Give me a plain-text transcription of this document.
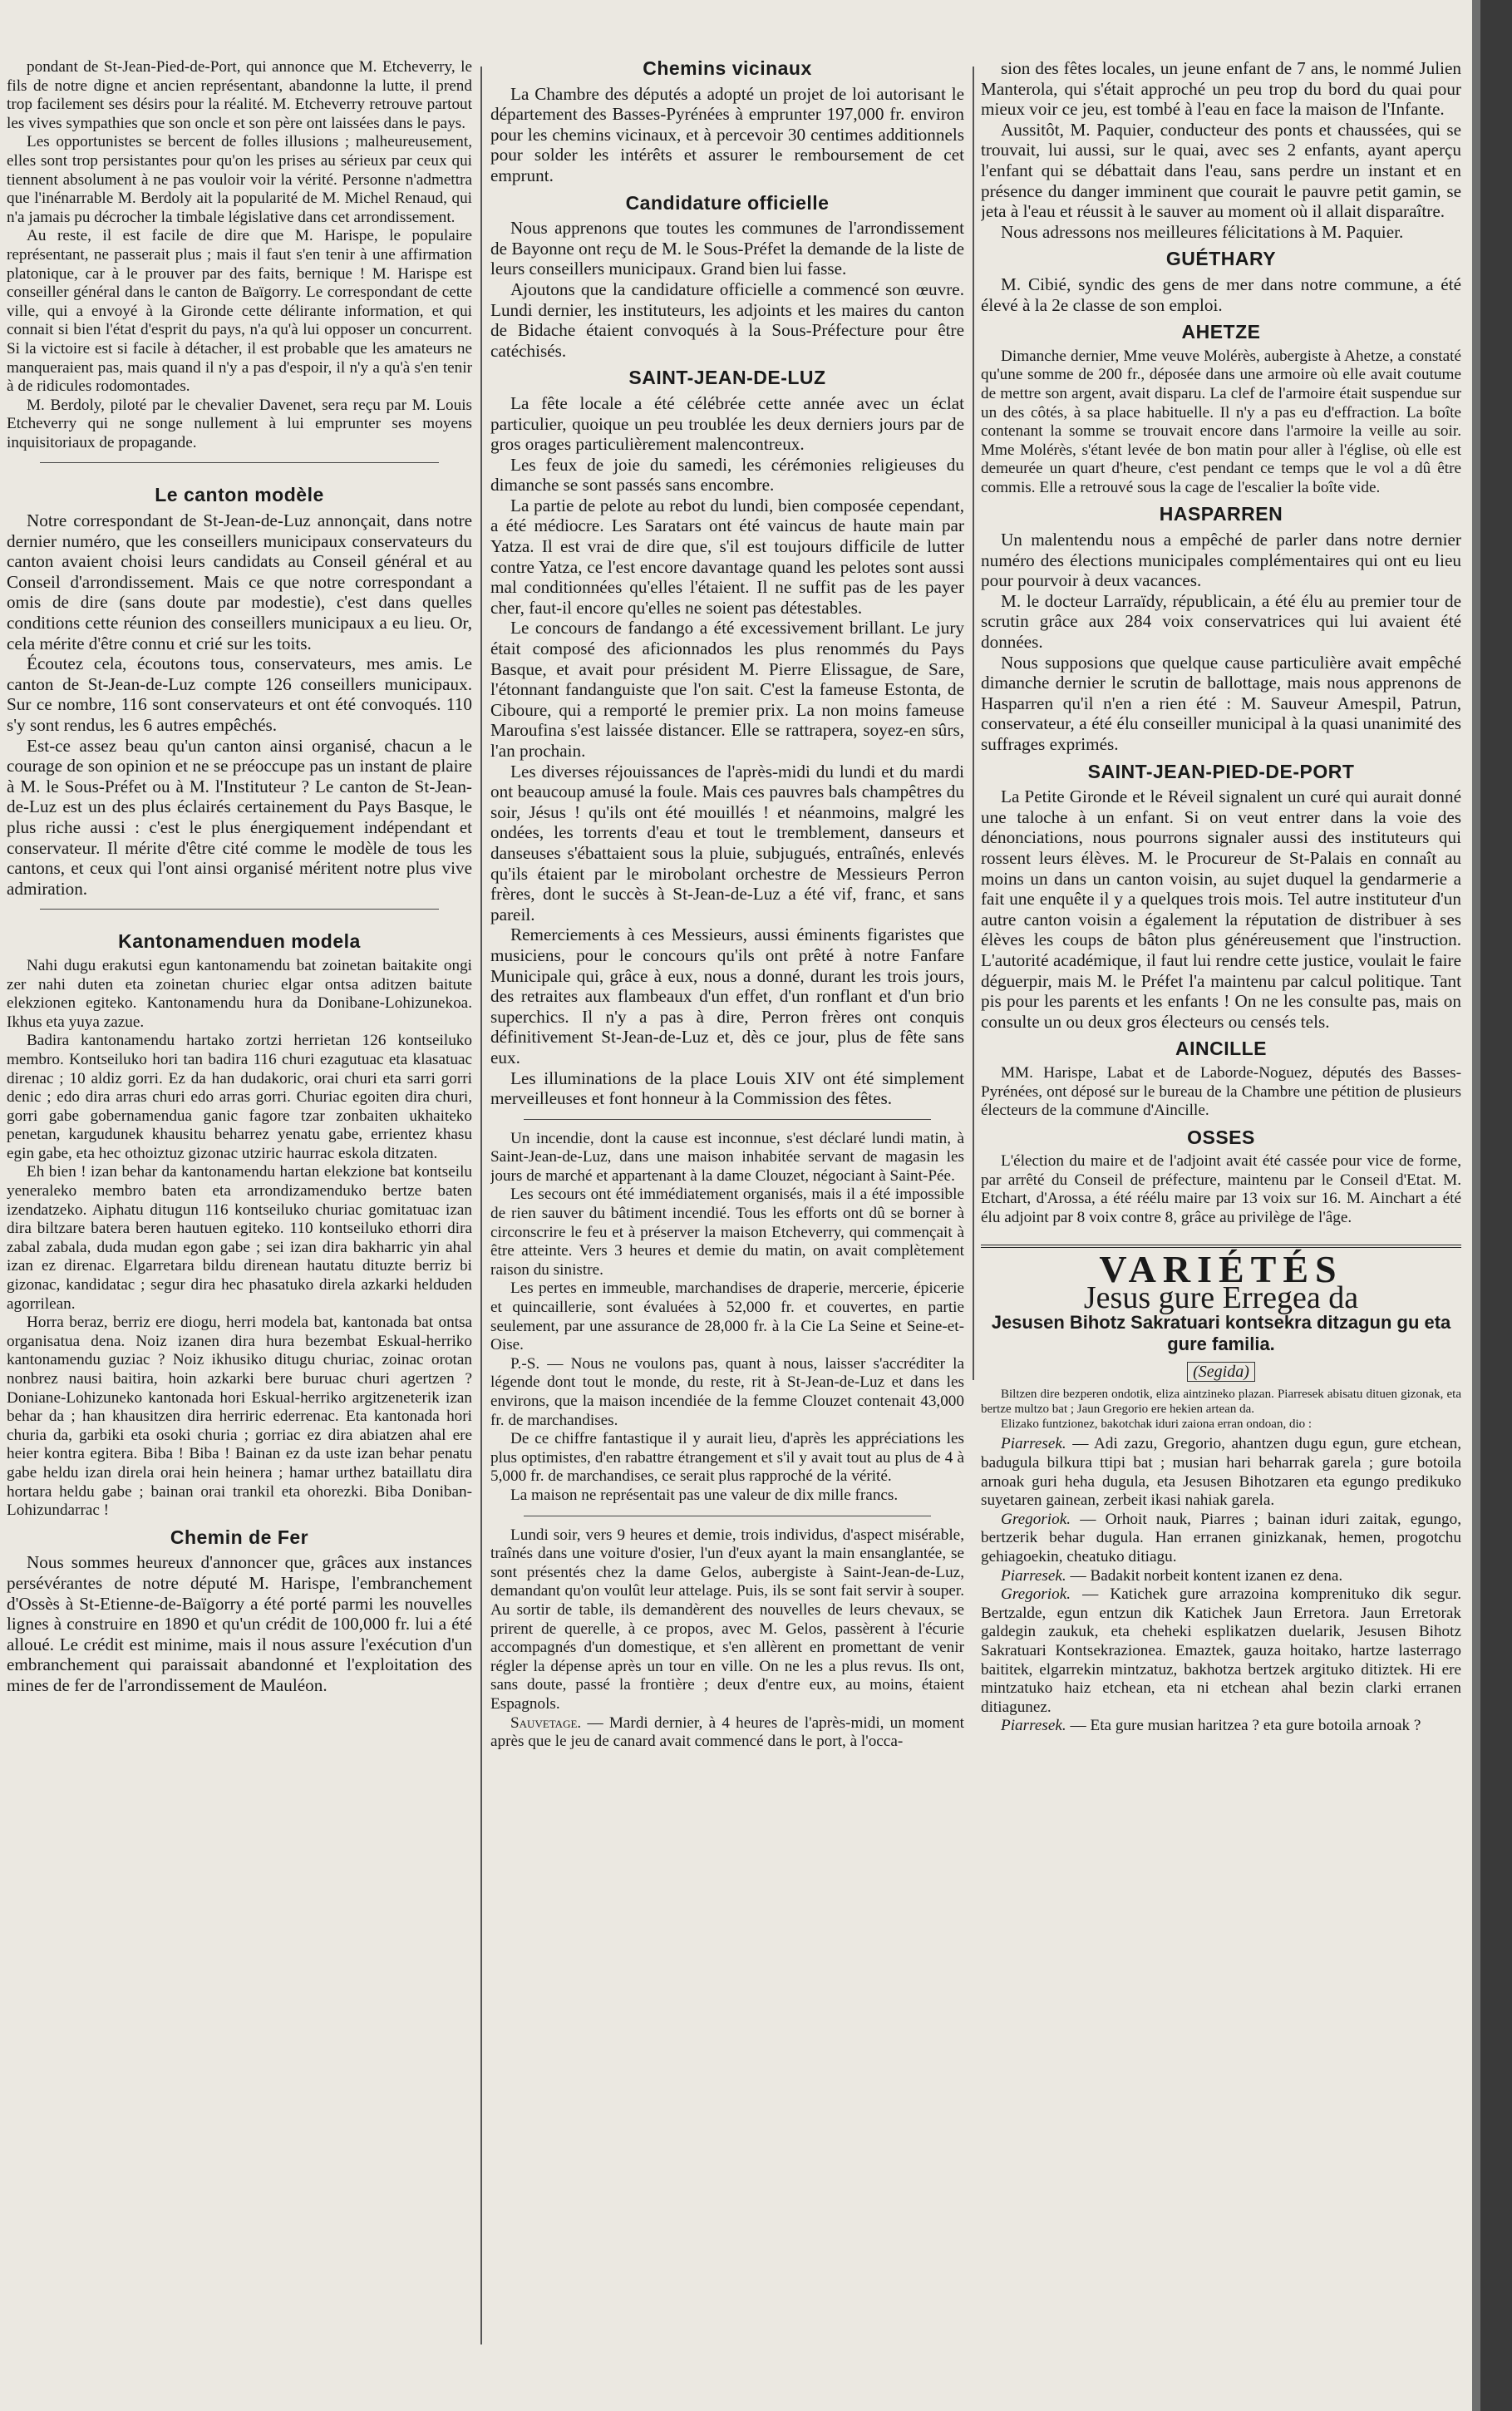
pondant de St-Jean-Pied-de-Port, qui annonce que M. Etcheverry, le fils de notre digne et ancien représentant, abandonne la lutte, il prend trop facilement ses désirs pour la réalité. M. Etcheverry retrouve partout les vives sympathies que son oncle et son père ont laissées dans le pays.

Les opportunistes se bercent de folles illusions ; malheureusement, elles sont trop persistantes pour qu'on les prises au sérieux par ceux qui tiennent absolument à ne pas vouloir voir la vérité. Personne n'admettra que l'inénarrable M. Berdoly ait la popularité de M. Michel Renaud, qui n'a jamais pu décrocher la timbale législative dans cet arrondissement.

Au reste, il est facile de dire que M. Harispe, le populaire représentant, ne passerait plus ; mais il faut s'en tenir à une affirmation platonique, car à le prouver par des faits, bernique ! M. Harispe est conseiller général dans le canton de Baïgorry. Le correspondant de cette ville, qui a envoyé à la Gironde cette délirante information, et qui connait si bien l'état d'esprit du pays, n'a qu'à lui opposer un concurrent. Si la victoire est si facile à détacher, il est probable que les amateurs ne manqueraient pas, mais quand il n'y a pas d'espoir, il n'y a qu'à s'en tenir à de ridicules rodomontades.

M. Berdoly, piloté par le chevalier Davenet, sera reçu par M. Louis Etcheverry qui ne songe nullement à lui emprunter ses moyens inquisitoriaux de propagande.

Le canton modèle

Notre correspondant de St-Jean-de-Luz annonçait, dans notre dernier numéro, que les conseillers municipaux conservateurs du canton avaient choisi leurs candidats au Conseil général et au Conseil d'arrondissement. Mais ce que notre correspondant a omis de dire (sans doute par modestie), c'est dans quelles conditions cette réunion des conseillers municipaux a eu lieu. Or, cela mérite d'être connu et crié sur les toits.

Écoutez cela, écoutons tous, conservateurs, mes amis. Le canton de St-Jean-de-Luz compte 126 conseillers municipaux. Sur ce nombre, 116 sont conservateurs et ont été convoqués. 110 s'y sont rendus, les 6 autres empêchés.

Est-ce assez beau qu'un canton ainsi organisé, chacun a le courage de son opinion et ne se préoccupe pas un instant de plaire à M. le Sous-Préfet ou à M. l'Instituteur ? Le canton de St-Jean-de-Luz est un des plus éclairés certainement du Pays Basque, le plus riche aussi : c'est le plus énergiquement indépendant et conservateur. Il mérite d'être cité comme le modèle de tous les cantons, et ceux qui l'ont ainsi organisé méritent notre plus vive admiration.

Kantonamenduen modela

Nahi dugu erakutsi egun kantonamendu bat zoinetan baitakite ongi zer nahi duten eta zoinetan churiec elgar ontsa aditzen baitute elekzionen egiteko. Kantonamendu hura da Donibane-Lohizunekoa. Ikhus eta yuya zazue.

Badira kantonamendu hartako zortzi herrietan 126 kontseiluko membro. Kontseiluko hori tan badira 116 churi ezagutuac eta klasatuac direnac ; 10 aldiz gorri. Ez da han dudakoric, orai churi eta sarri gorri denic ; edo dira arras churi edo arras gorri. Churiac egoiten dira churi, gorri gabe gobernamendua ganic fagore tzar zonbaiten ukhaiteko penetan, kargudunek khausitu beharrez yenatu gabe, errientez khasu egin gabe, eta hec othoiztuz gizonac utziric haurrac eskola ditzaten.

Eh bien ! izan behar da kantonamendu hartan elekzione bat kontseilu yeneraleko membro baten eta arrondizamenduko bertze baten izendatzeko. Aiphatu ditugun 116 kontseiluko churiac gomitatuac izan dira biltzare batera beren hautuen egiteko. 110 kontseiluko ethorri dira zabal zabala, duda mudan egon gabe ; sei izan dira bakharric yin ahal izan ez direnac. Elgarretara bildu direnean hautatu dituzte berriz bi gizonac, kandidatac ; segur dira hec phasatuko direla azkarki helduden agorrilean.

Horra beraz, berriz ere diogu, herri modela bat, kantonada bat ontsa organisatua dena. Noiz izanen dira hura bezembat Eskual-herriko kantonamendu guziac ? Noiz ikhusiko ditugu churiac, zoinac orotan nonbrez nausi baitira, hoin azkarki bere buruac churi agertzen ? Doniane-Lohizuneko kantonada hori Eskual-herriko argitzeneterik izan behar da ; han khausitzen dira herriric ederrenac. Eta kantonada hori churia da, garbiki eta osoki churia ; gorriac ez dira abiatzen ahal ere heier kontra egitera. Biba ! Biba ! Bainan ez da uste izan behar penatu gabe heldu izan direla orai hein heinera ; hamar urthez bataillatu dira hortara heldu gabe ; bainan orai trankil eta ohorezki. Biba Doniban-Lohizundarrac !

Chemin de Fer

Nous sommes heureux d'annoncer que, grâces aux instances persévérantes de notre député M. Harispe, l'embranchement d'Ossès à St-Etienne-de-Baïgorry a été porté parmi les nouvelles lignes à construire en 1890 et qu'un crédit de 100,000 fr. lui a été alloué. Le crédit est minime, mais il nous assure l'exécution d'un embranchement qui paraissait abandonné et l'exploitation des mines de fer de l'arrondissement de Mauléon.

Chemins vicinaux

La Chambre des députés a adopté un projet de loi autorisant le département des Basses-Pyrénées à emprunter 197,000 fr. environ pour les chemins vicinaux, et à percevoir 30 centimes additionnels pour solder les intérêts et assurer le remboursement de cet emprunt.

Candidature officielle

Nous apprenons que toutes les communes de l'arrondissement de Bayonne ont reçu de M. le Sous-Préfet la demande de la liste de leurs conseillers municipaux. Grand bien lui fasse.

Ajoutons que la candidature officielle a commencé son œuvre. Lundi dernier, les instituteurs, les adjoints et les maires du canton de Bidache étaient convoqués à la Sous-Préfecture pour être catéchisés.

SAINT-JEAN-DE-LUZ

La fête locale a été célébrée cette année avec un éclat particulier, quoique un peu troublée les deux derniers jours par de gros orages particulièrement malencontreux.

Les feux de joie du samedi, les cérémonies religieuses du dimanche se sont passés sans encombre.

La partie de pelote au rebot du lundi, bien composée cependant, a été médiocre. Les Saratars ont été vaincus de haute main par Yatza. Il est vrai de dire que, s'il est toujours difficile de lutter contre Yatza, ce l'est encore davantage quand les pelotes sont aussi mal conditionnées qu'elles l'étaient. Il ne suffit pas de les payer cher, faut-il encore qu'elles ne soient pas détestables.

Le concours de fandango a été excessivement brillant. Le jury était composé des aficionnados les plus renommés du Pays Basque, et avait pour président M. Pierre Elissague, de Sare, l'étonnant fandanguiste que l'on sait. C'est la fameuse Estonta, de Ciboure, qui a remporté le premier prix. La non moins fameuse Maroufina s'est laissée distancer. Elle se rattrapera, soyez-en sûrs, l'an prochain.

Les diverses réjouissances de l'après-midi du lundi et du mardi ont beaucoup amusé la foule. Mais ces pauvres bals champêtres du soir, Jésus ! qu'ils ont été mouillés ! et néanmoins, malgré les ondées, les torrents d'eau et tout le tremblement, danseurs et danseuses s'ébattaient sous la pluie, subjugués, entraînés, enlevés qu'ils étaient par le mirobolant orchestre de Messieurs Perron frères, dont le succès à St-Jean-de-Luz a été vif, franc, et sans pareil.

Remerciements à ces Messieurs, aussi éminents figaristes que musiciens, pour le concours qu'ils ont prêté à notre Fanfare Municipale qui, grâce à eux, nous a donné, durant les trois jours, des retraites aux flambeaux d'un effet, d'un ronflant et d'un brio superchics. Il n'y a pas à dire, Perron frères ont conquis définitivement St-Jean-de-Luz et, dès ce jour, plus de fête sans eux.

Les illuminations de la place Louis XIV ont été simplement merveilleuses et font honneur à la Commission des fêtes.

Un incendie, dont la cause est inconnue, s'est déclaré lundi matin, à Saint-Jean-de-Luz, dans une maison inhabitée servant de magasin les jours de marché et appartenant à la dame Clouzet, négociant à Saint-Pée.

Les secours ont été immédiatement organisés, mais il a été impossible de rien sauver du bâtiment incendié. Tous les efforts ont dû se borner à circonscrire le feu et à préserver la maison Etcheverry, qui commençait à être atteinte. Vers 3 heures et demie du matin, on avait complètement raison du sinistre.

Les pertes en immeuble, marchandises de draperie, mercerie, épicerie et quincaillerie, sont évaluées à 52,000 fr. et couvertes, en partie seulement, par une assurance de 28,000 fr. à la Cie La Seine et Seine-et-Oise.

P.-S. — Nous ne voulons pas, quant à nous, laisser s'accréditer la légende dont tout le monde, du reste, rit à St-Jean-de-Luz et dans les environs, que la maison incendiée de la femme Clouzet contenait 43,000 fr. de marchandises.

De ce chiffre fantastique il y aurait lieu, d'après les appréciations les plus optimistes, d'en rabattre étrangement et s'il y avait tout au plus de 4 à 5,000 fr. de marchandises, ce serait plus rapproché de la vérité.

La maison ne représentait pas une valeur de dix mille francs.

Lundi soir, vers 9 heures et demie, trois individus, d'aspect misérable, traînés dans une voiture d'osier, l'un d'eux ayant la main ensanglantée, se sont présentés chez la dame Gelos, aubergiste à Saint-Jean-de-Luz, demandant qu'on voulût leur attelage. Puis, ils se sont fait servir à souper. Au sortir de table, ils demandèrent des nouvelles de leurs chevaux, se prirent de querelle, à ce propos, avec M. Gelos, passèrent à l'écurie accompagnés d'un domestique, et s'en allèrent en promettant de venir régler la dépense après un tour en ville. On ne les a plus revus. Ils ont, sans doute, passé la frontière ; deux d'entre eux, au moins, étaient Espagnols.

Sauvetage. — Mardi dernier, à 4 heures de l'après-midi, un moment après que le jeu de canard avait commencé dans le port, à l'occa-

sion des fêtes locales, un jeune enfant de 7 ans, le nommé Julien Manterola, qui s'était approché un peu trop du bord du quai pour mieux voir ce jeu, est tombé à l'eau en face la maison de l'Infante.

Aussitôt, M. Paquier, conducteur des ponts et chaussées, qui se trouvait, lui aussi, sur le quai, avec ses 2 enfants, ayant aperçu l'enfant qui se débattait dans l'eau, sans perdre un instant et en présence du danger imminent que courait le pauvre petit gamin, se jeta à l'eau et réussit à le sauver au moment où il allait disparaître.

Nous adressons nos meilleures félicitations à M. Paquier.

GUÉTHARY

M. Cibié, syndic des gens de mer dans notre commune, a été élevé à la 2e classe de son emploi.

AHETZE

Dimanche dernier, Mme veuve Molérès, aubergiste à Ahetze, a constaté qu'une somme de 200 fr., déposée dans une armoire où elle avait coutume de mettre son argent, avait disparu. La clef de l'armoire était suspendue sur un des côtés, à sa place habituelle. Il n'y a pas eu d'effraction. La boîte contenant la somme se trouvait encore dans l'armoire la veille au soir. Mme Molérès, s'étant levée de bon matin pour aller à l'église, où elle est demeurée un quart d'heure, c'est pendant ce temps que le vol a dû être commis. Elle a retrouvé sous la cage de l'escalier la boîte vide.

HASPARREN

Un malentendu nous a empêché de parler dans notre dernier numéro des élections municipales complémentaires qui ont eu lieu pour pourvoir à deux vacances.

M. le docteur Larraïdy, républicain, a été élu au premier tour de scrutin grâce aux 284 voix conservatrices qui lui avaient été données.

Nous supposions que quelque cause particulière avait empêché dimanche dernier le scrutin de ballottage, mais nous apprenons de Hasparren qu'il n'en a rien été : M. Sauveur Amespil, Patrun, conservateur, a été élu conseiller municipal à la quasi unanimité des suffrages exprimés.

SAINT-JEAN-PIED-DE-PORT

La Petite Gironde et le Réveil signalent un curé qui aurait donné une taloche à un enfant. Si on veut entrer dans la voie des dénonciations, nous pourrons signaler aussi des instituteurs qui rossent leurs élèves. M. le Procureur de St-Palais en connaît au moins un dans un canton voisin, au sujet duquel la gendarmerie a fait une enquête il y a quelques trois mois. Tel autre instituteur d'un autre canton voisin a également la réputation de distribuer à ses élèves les coups de bâton plus généreusement que l'instruction. L'autorité académique, il faut lui rendre cette justice, voulait le faire déguerpir, mais M. le Préfet l'a maintenu par calcul politique. Tant pis pour les parents et les enfants ! On ne les consulte pas, mais on consulte un ou deux gros électeurs ou censés tels.

AINCILLE

MM. Harispe, Labat et de Laborde-Noguez, députés des Basses-Pyrénées, ont déposé sur le bureau de la Chambre une pétition de plusieurs électeurs de la commune d'Aincille.

OSSES

L'élection du maire et de l'adjoint avait été cassée pour vice de forme, par arrêté du Conseil de préfecture, maintenu par le Conseil d'Etat. M. Etchart, d'Arossa, a été réélu maire par 13 voix sur 16. M. Ainchart a été élu adjoint par 8 voix contre 8, grâce au privilège de l'âge.

VARIÉTÉS
Jesus gure Erregea da
Jesusen Bihotz Sakratuari kontsekra ditzagun gu eta gure familia.
(Segida)

Biltzen dire bezperen ondotik, eliza aintzineko plazan. Piarresek abisatu dituen gizonak, eta bertze multzo bat ; Jaun Gregorio ere hekien artean da.

Elizako funtzionez, bakotchak iduri zaiona erran ondoan, dio :

Piarresek. — Adi zazu, Gregorio, ahantzen dugu egun, gure etchean, badugula bilkura ttipi bat ; musian hari beharrak garela ; gure botoila arnoak guri heha dugula, eta Jesusen Bihotzaren eta egungo predikuko suyetaren gainean, zerbeit ikasi nahiak garela.

Gregoriok. — Orhoit nauk, Piarres ; bainan iduri zaitak, egungo, bertzerik behar dugula. Han erranen ginizkanak, hemen, progotchu gehiagoekin, cheatuko ditiagu.

Piarresek. — Badakit norbeit kontent izanen ez dena.

Gregoriok. — Katichek gure arrazoina komprenituko dik segur. Bertzalde, egun entzun dik Katichek Jaun Erretora. Jaun Erretorak galdegin zaukuk, eta cheheki esplikatzen duelarik, Jesusen Bihotz Sakratuari Kontsekrazionea. Emaztek, gauza hoitako, hartze lasterrago baititek, elgarrekin mintzatuz, bakhotza bertzek argituko ditiztek. Hi ere mintzatuko haiz etchean, eta ni etchean ahal bezin clarki erranen ditiagunez.

Piarresek. — Eta gure musian haritzea ? eta gure botoila arnoak ?
